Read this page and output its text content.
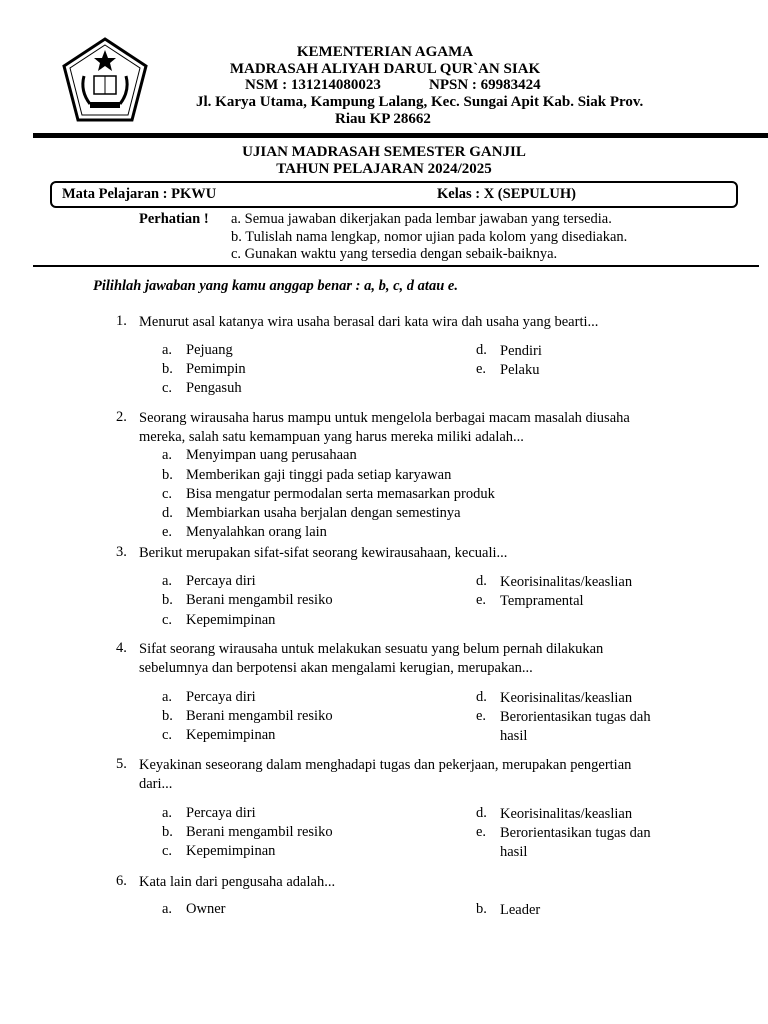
KEMENTERIAN AGAMA
MADRASAH ALIYAH DARUL QUR`AN SIAK
NSM : 131214080023	NPSN : 69983424
Jl. Karya Utama, Kampung Lalang, Kec. Sungai Apit Kab. Siak Prov.
Riau KP 28662
UJIAN MADRASAH SEMESTER GANJIL
TAHUN PELAJARAN 2024/2025
Mata Pelajaran : PKWU	Kelas : X (SEPULUH)
Perhatian ! a. Semua jawaban dikerjakan pada lembar jawaban yang tersedia.
b. Tulislah nama lengkap, nomor ujian pada kolom yang disediakan.
c. Gunakan waktu yang tersedia dengan sebaik-baiknya.
Pilihlah jawaban yang kamu anggap benar : a, b, c, d atau e.
1. Menurut asal katanya wira usaha berasal dari kata wira dah usaha yang bearti...
a. Pejuang
b. Pemimpin
c. Pengasuh
d. Pendiri
e. Pelaku
2. Seorang wirausaha harus mampu untuk mengelola berbagai macam masalah diusaha
mereka, salah satu kemampuan yang harus mereka miliki adalah...
a. Menyimpan uang perusahaan
b. Memberikan gaji tinggi pada setiap karyawan
c. Bisa mengatur permodalan serta memasarkan produk
d. Membiarkan usaha berjalan dengan semestinya
e. Menyalahkan orang lain
3. Berikut merupakan sifat-sifat seorang kewirausahaan, kecuali...
a. Percaya diri
b. Berani mengambil resiko
c. Kepemimpinan
d. Keorisinalitas/keaslian
e. Tempramental
4. Sifat seorang wirausaha untuk melakukan sesuatu yang belum pernah dilakukan
sebelumnya dan berpotensi akan mengalami kerugian, merupakan...
a. Percaya diri
b. Berani mengambil resiko
c. Kepemimpinan
d. Keorisinalitas/keaslian
e. Berorientasikan tugas dah hasil
5. Keyakinan seseorang dalam menghadapi tugas dan pekerjaan, merupakan pengertian
dari...
a. Percaya diri
b. Berani mengambil resiko
c. Kepemimpinan
d. Keorisinalitas/keaslian
e. Berorientasikan tugas dan hasil
6. Kata lain dari pengusaha adalah...
a. Owner	b. Leader
